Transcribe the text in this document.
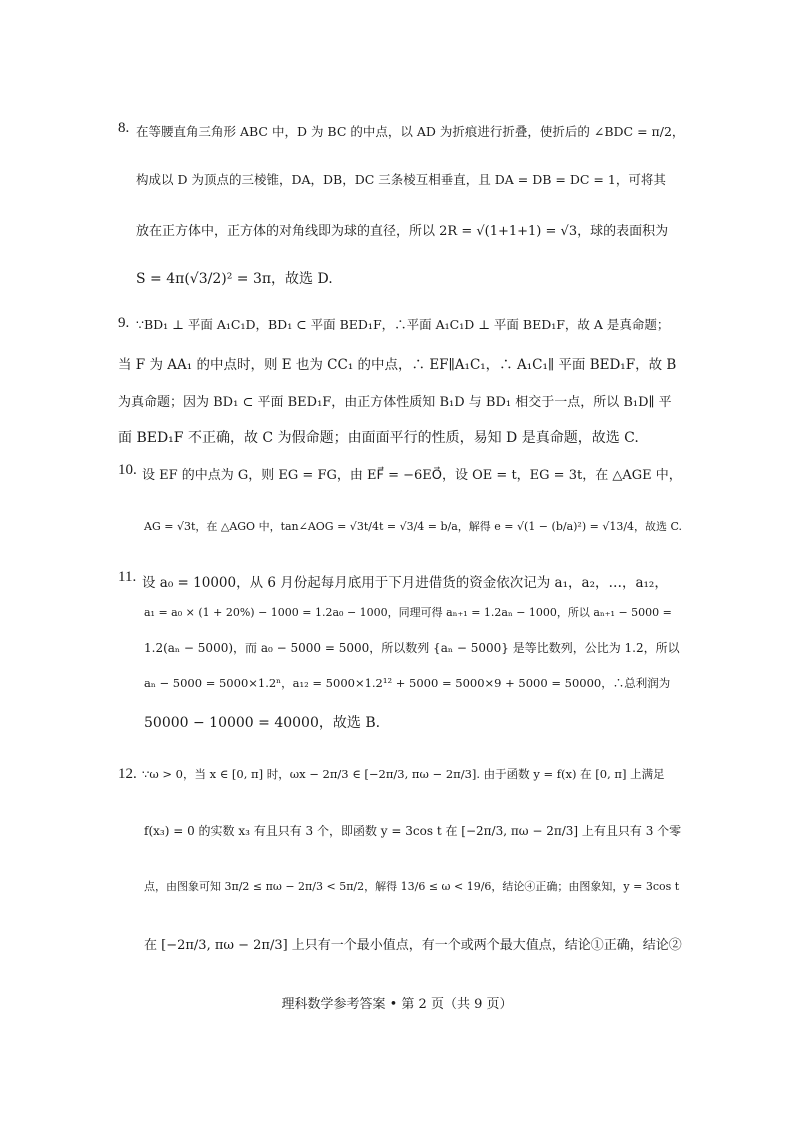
8. 在等腰直角三角形 ABC 中，D 为 BC 的中点，以 AD 为折痕进行折叠，使折后的 ∠BDC = π/2，
构成以 D 为顶点的三棱锥，DA，DB，DC 三条棱互相垂直，且 DA = DB = DC = 1，可将其
放在正方体中，正方体的对角线即为球的直径，所以 2R = √(1+1+1) = √3，球的表面积为
S = 4π(√3/2)² = 3π，故选 D.
9. ∵BD₁ ⊥ 平面 A₁C₁D，BD₁ ⊂ 平面 BED₁F，∴平面 A₁C₁D ⊥ 平面 BED₁F，故 A 是真命题；
当 F 为 AA₁ 的中点时，则 E 也为 CC₁ 的中点，∴ EF∥A₁C₁，∴ A₁C₁∥ 平面 BED₁F，故 B
为真命题；因为 BD₁ ⊂ 平面 BED₁F，由正方体性质知 B₁D 与 BD₁ 相交于一点，所以 B₁D∥ 平
面 BED₁F 不正确，故 C 为假命题；由面面平行的性质，易知 D 是真命题，故选 C.
10. 设 EF 的中点为 G，则 EG = FG，由 EF⃗ = −6EO⃗，设 OE = t，EG = 3t，在 △AGE 中，
AG = √3t，在 △AGO 中，tan∠AOG = √3t/4t = √3/4 = b/a，解得 e = √(1 − (b/a)²) = √13/4，故选 C.
11. 设 a₀ = 10000，从 6 月份起每月底用于下月进借货的资金依次记为 a₁，a₂，…，a₁₂，
a₁ = a₀ × (1 + 20%) − 1000 = 1.2a₀ − 1000，同理可得 aₙ₊₁ = 1.2aₙ − 1000，所以 aₙ₊₁ − 5000 =
1.2(aₙ − 5000)，而 a₀ − 5000 = 5000，所以数列 {aₙ − 5000} 是等比数列，公比为 1.2，所以
aₙ − 5000 = 5000×1.2ⁿ，a₁₂ = 5000×1.2¹² + 5000 = 5000×9 + 5000 = 50000，∴总利润为
50000 − 10000 = 40000，故选 B.
12. ∵ω > 0，当 x ∈ [0, π] 时，ωx − 2π/3 ∈ [−2π/3, πω − 2π/3]. 由于函数 y = f(x) 在 [0, π] 上满足
f(x₃) = 0 的实数 x₃ 有且只有 3 个，即函数 y = 3cos t 在 [−2π/3, πω − 2π/3] 上有且只有 3 个零
点，由图象可知 3π/2 ≤ πω − 2π/3 < 5π/2，解得 13/6 ≤ ω < 19/6，结论④正确；由图象知，y = 3cos t
在 [−2π/3, πω − 2π/3] 上只有一个最小值点，有一个或两个最大值点，结论①正确，结论②
理科数学参考答案 • 第 2 页（共 9 页）
